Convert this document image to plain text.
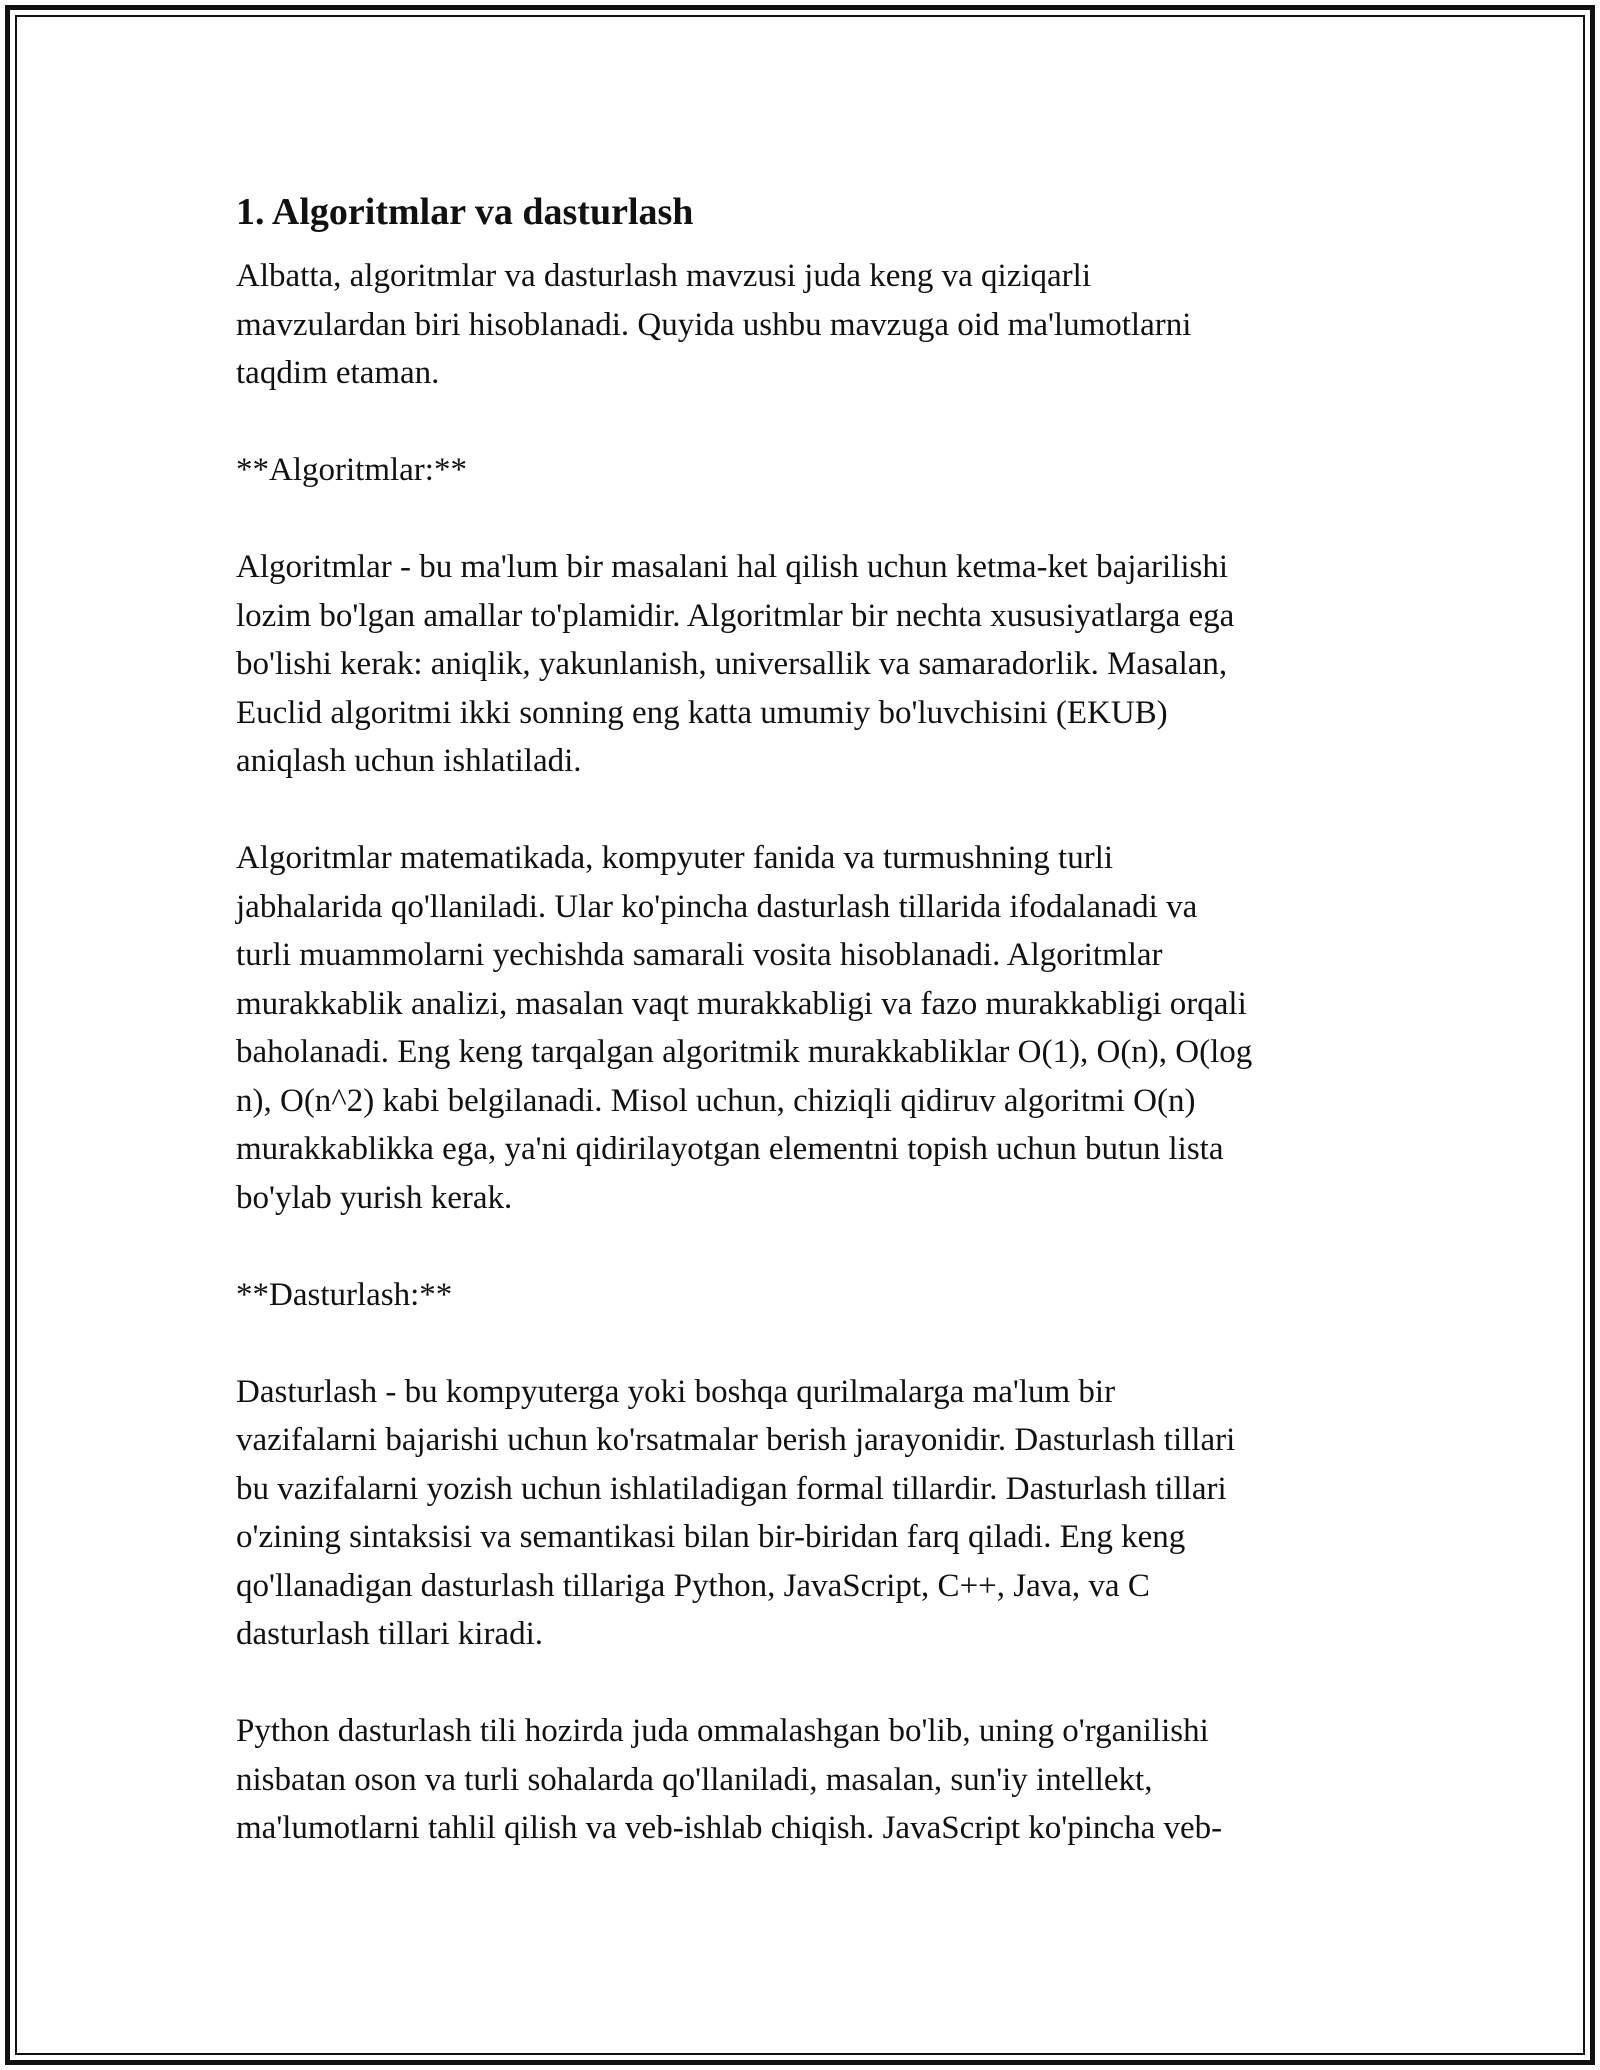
1. Algoritmlar va dasturlash

Albatta, algoritmlar va dasturlash mavzusi juda keng va qiziqarli
mavzulardan biri hisoblanadi. Quyida ushbu mavzuga oid ma'lumotlarni
taqdim etaman.

**Algoritmlar:**

Algoritmlar - bu ma'lum bir masalani hal qilish uchun ketma-ket bajarilishi
lozim bo'lgan amallar to'plamidir. Algoritmlar bir nechta xususiyatlarga ega
bo'lishi kerak: aniqlik, yakunlanish, universallik va samaradorlik. Masalan,
Euclid algoritmi ikki sonning eng katta umumiy bo'luvchisini (EKUB)
aniqlash uchun ishlatiladi.

Algoritmlar matematikada, kompyuter fanida va turmushning turli
jabhalarida qo'llaniladi. Ular ko'pincha dasturlash tillarida ifodalanadi va
turli muammolarni yechishda samarali vosita hisoblanadi. Algoritmlar
murakkablik analizi, masalan vaqt murakkabligi va fazo murakkabligi orqali
baholanadi. Eng keng tarqalgan algoritmik murakkabliklar O(1), O(n), O(log
n), O(n^2) kabi belgilanadi. Misol uchun, chiziqli qidiruv algoritmi O(n)
murakkablikka ega, ya'ni qidirilayotgan elementni topish uchun butun lista
bo'ylab yurish kerak.

**Dasturlash:**

Dasturlash - bu kompyuterga yoki boshqa qurilmalarga ma'lum bir
vazifalarni bajarishi uchun ko'rsatmalar berish jarayonidir. Dasturlash tillari
bu vazifalarni yozish uchun ishlatiladigan formal tillardir. Dasturlash tillari
o'zining sintaksisi va semantikasi bilan bir-biridan farq qiladi. Eng keng
qo'llanadigan dasturlash tillariga Python, JavaScript, C++, Java, va C
dasturlash tillari kiradi.

Python dasturlash tili hozirda juda ommalashgan bo'lib, uning o'rganilishi
nisbatan oson va turli sohalarda qo'llaniladi, masalan, sun'iy intellekt,
ma'lumotlarni tahlil qilish va veb-ishlab chiqish. JavaScript ko'pincha veb-
